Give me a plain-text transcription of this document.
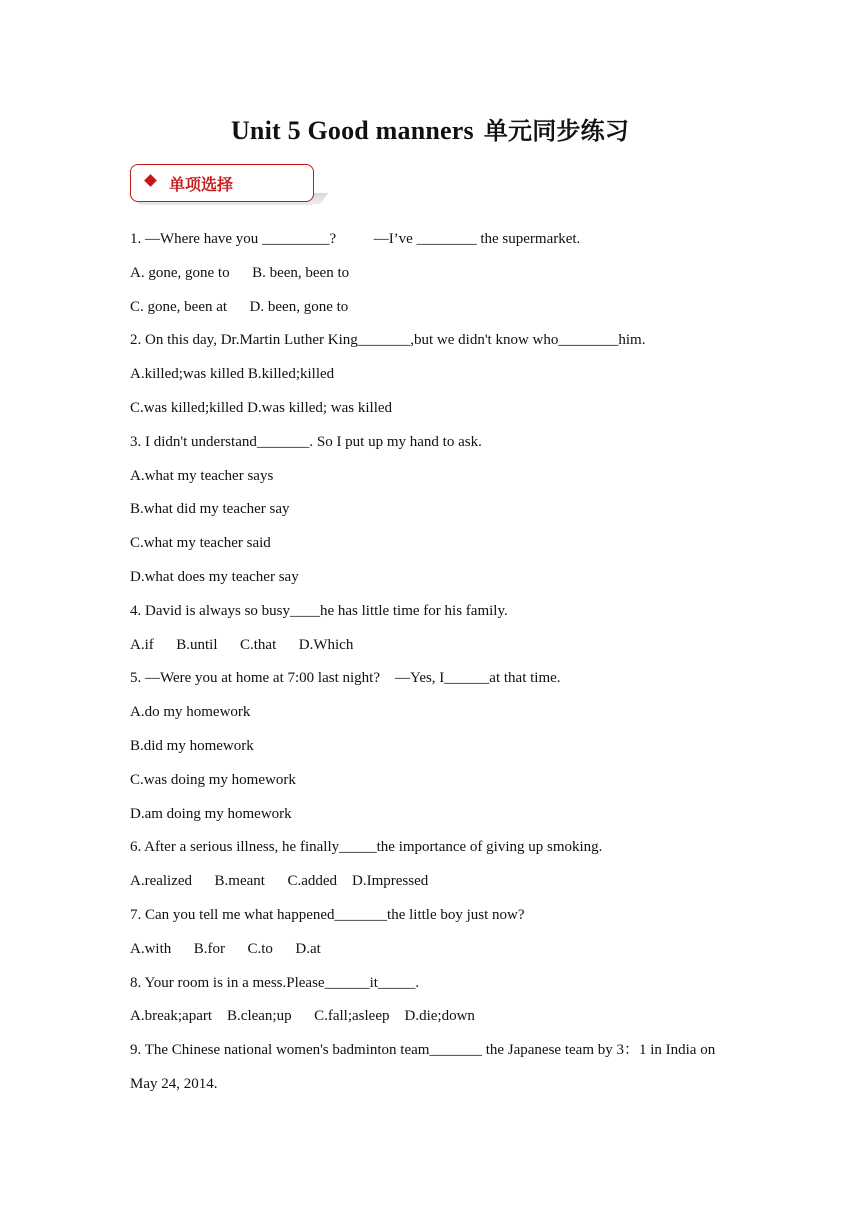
Unit 5 Good manners 单元同步练习
单项选择
1. —Where have you _________?          —I’ve ________ the supermarket.
A. gone, gone to      B. been, been to
C. gone, been at      D. been, gone to
2. On this day, Dr.Martin Luther King_______,but we didn't know who________him.
A.killed;was killed B.killed;killed
C.was killed;killed D.was killed; was killed
3. I didn't understand_______. So I put up my hand to ask.
A.what my teacher says
B.what did my teacher say
C.what my teacher said
D.what does my teacher say
4. David is always so busy____he has little time for his family.
A.if      B.until      C.that      D.Which
5. —Were you at home at 7:00 last night?    —Yes, I______at that time.
A.do my homework
B.did my homework
C.was doing my homework
D.am doing my homework
6. After a serious illness, he finally_____the importance of giving up smoking.
A.realized      B.meant      C.added    D.Impressed
7. Can you tell me what happened_______the little boy just now?
A.with      B.for      C.to      D.at
8. Your room is in a mess.Please______it_____.
A.break;apart    B.clean;up      C.fall;asleep    D.die;down
9. The Chinese national women's badminton team_______ the Japanese team by 3：1 in India on
May 24, 2014.
